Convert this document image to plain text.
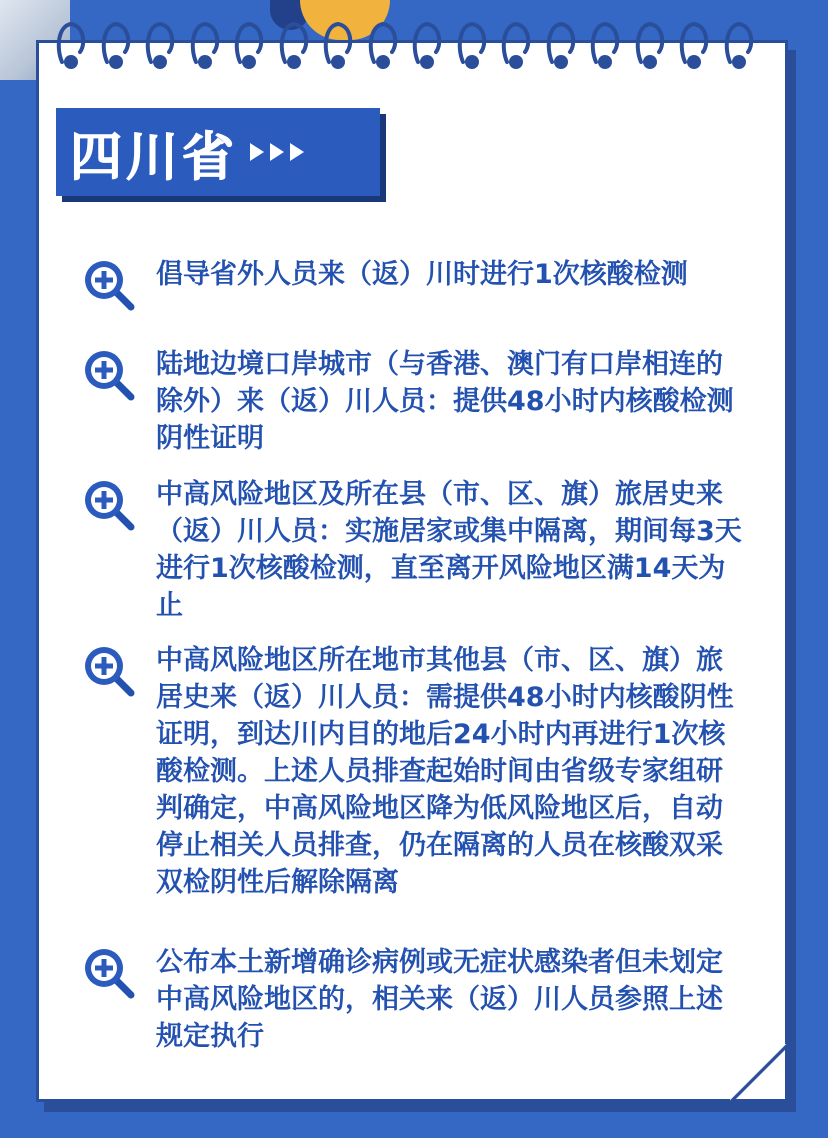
四川省
倡导省外人员来（返）川时进行1次核酸检测
陆地边境口岸城市（与香港、澳门有口岸相连的除外）来（返）川人员：提供48小时内核酸检测阴性证明
中高风险地区及所在县（市、区、旗）旅居史来（返）川人员：实施居家或集中隔离，期间每3天进行1次核酸检测，直至离开风险地区满14天为止
中高风险地区所在地市其他县（市、区、旗）旅居史来（返）川人员：需提供48小时内核酸阴性证明，到达川内目的地后24小时内再进行1次核酸检测。上述人员排查起始时间由省级专家组研判确定，中高风险地区降为低风险地区后，自动停止相关人员排查，仍在隔离的人员在核酸双采双检阴性后解除隔离
公布本土新增确诊病例或无症状感染者但未划定中高风险地区的，相关来（返）川人员参照上述规定执行
